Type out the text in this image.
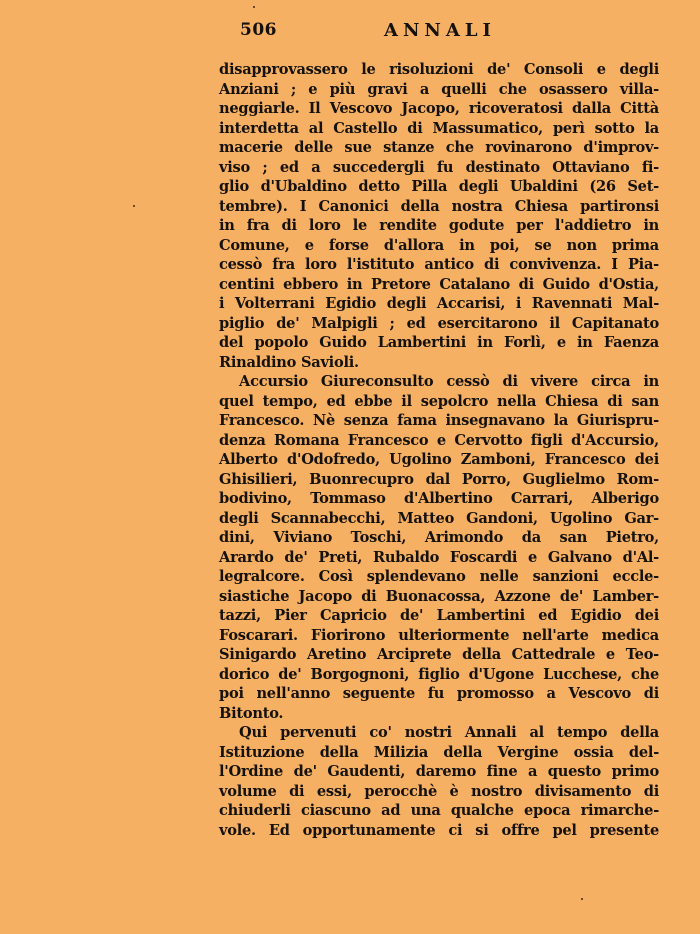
506	ANNALI
disapprovassero le risoluzioni de' Consoli e degli
Anziani ; e più gravi a quelli che osassero villa-
neggiarle. Il Vescovo Jacopo, ricoveratosi dalla Città
interdetta al Castello di Massumatico, perì sotto la
macerie delle sue stanze che rovinarono d'improv-
viso ; ed a succedergli fu destinato Ottaviano fi-
glio d'Ubaldino detto Pilla degli Ubaldini (26 Set-
tembre). I Canonici della nostra Chiesa partironsi
in fra di loro le rendite godute per l'addietro in
Comune, e forse d'allora in poi, se non prima
cessò fra loro l'istituto antico di convivenza. I Pia-
centini ebbero in Pretore Catalano di Guido d'Ostia,
i Volterrani Egidio degli Accarisi, i Ravennati Mal-
piglio de' Malpigli ; ed esercitarono il Capitanato
del popolo Guido Lambertini in Forlì, e in Faenza
Rinaldino Savioli.
Accursio Giureconsulto cessò di vivere circa in
quel tempo, ed ebbe il sepolcro nella Chiesa di san
Francesco. Nè senza fama insegnavano la Giurispru-
denza Romana Francesco e Cervotto figli d'Accursio,
Alberto d'Odofredo, Ugolino Zamboni, Francesco dei
Ghisilieri, Buonrecupro dal Porro, Guglielmo Rom-
bodivino, Tommaso d'Albertino Carrari, Alberigo
degli Scannabecchi, Matteo Gandoni, Ugolino Gar-
dini, Viviano Toschi, Arimondo da san Pietro,
Arardo de' Preti, Rubaldo Foscardi e Galvano d'Al-
legralcore. Così splendevano nelle sanzioni eccle-
siastiche Jacopo di Buonacossa, Azzone de' Lamber-
tazzi, Pier Capricio de' Lambertini ed Egidio dei
Foscarari. Fiorirono ulteriormente nell'arte medica
Sinigardo Aretino Arciprete della Cattedrale e Teo-
dorico de' Borgognoni, figlio d'Ugone Lucchese, che
poi nell'anno seguente fu promosso a Vescovo di
Bitonto.
Qui pervenuti co' nostri Annali al tempo della
Istituzione della Milizia della Vergine ossia del-
l'Ordine de' Gaudenti, daremo fine a questo primo
volume di essi, perocchè è nostro divisamento di
chiuderli ciascuno ad una qualche epoca rimarche-
vole. Ed opportunamente ci si offre pel presente
